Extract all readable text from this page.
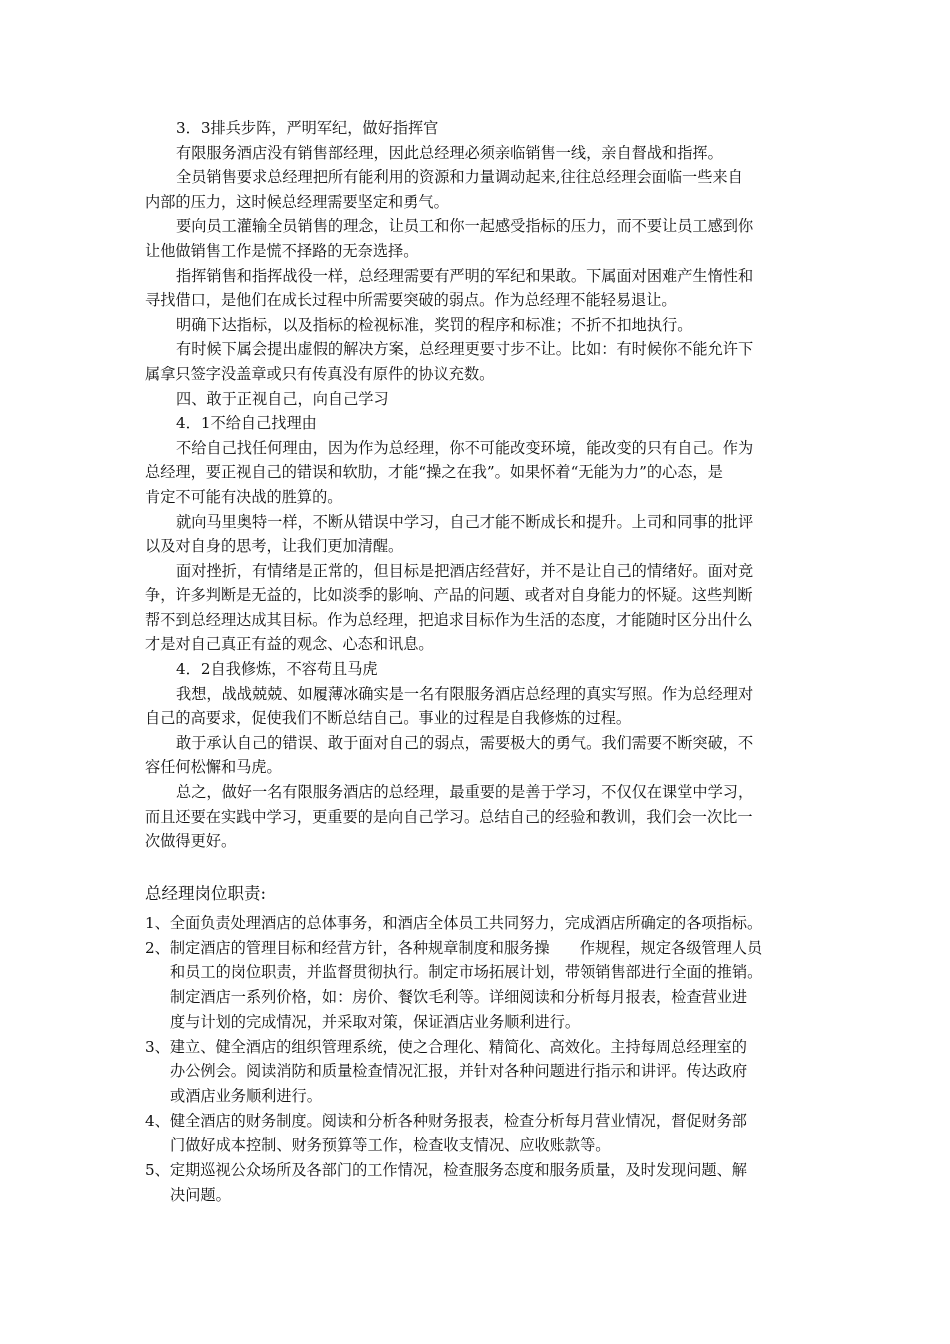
3．3排兵步阵，严明军纪，做好指挥官

有限服务酒店没有销售部经理，因此总经理必须亲临销售一线，亲自督战和指挥。

全员销售要求总经理把所有能利用的资源和力量调动起来,往往总经理会面临一些来自

内部的压力，这时候总经理需要坚定和勇气。

要向员工灌输全员销售的理念，让员工和你一起感受指标的压力，而不要让员工感到你

让他做销售工作是慌不择路的无奈选择。

指挥销售和指挥战役一样，总经理需要有严明的军纪和果敢。下属面对困难产生惰性和

寻找借口，是他们在成长过程中所需要突破的弱点。作为总经理不能轻易退让。

明确下达指标，以及指标的检视标准，奖罚的程序和标准；不折不扣地执行。

有时候下属会提出虚假的解决方案，总经理更要寸步不让。比如：有时候你不能允许下

属拿只签字没盖章或只有传真没有原件的协议充数。

四、敢于正视自己，向自己学习

4．1不给自己找理由

不给自己找任何理由，因为作为总经理，你不可能改变环境，能改变的只有自己。作为

总经理，要正视自己的错误和软肋，才能“操之在我”。如果怀着“无能为力”的心态，是

肯定不可能有决战的胜算的。

就向马里奥特一样，不断从错误中学习，自己才能不断成长和提升。上司和同事的批评

以及对自身的思考，让我们更加清醒。

面对挫折，有情绪是正常的，但目标是把酒店经营好，并不是让自己的情绪好。面对竞

争，许多判断是无益的，比如淡季的影响、产品的问题、或者对自身能力的怀疑。这些判断

帮不到总经理达成其目标。作为总经理，把追求目标作为生活的态度，才能随时区分出什么

才是对自己真正有益的观念、心态和讯息。

4．2自我修炼，不容苟且马虎

我想，战战兢兢、如履薄冰确实是一名有限服务酒店总经理的真实写照。作为总经理对

自己的高要求，促使我们不断总结自己。事业的过程是自我修炼的过程。

敢于承认自己的错误、敢于面对自己的弱点，需要极大的勇气。我们需要不断突破，不

容任何松懈和马虎。

总之，做好一名有限服务酒店的总经理，最重要的是善于学习，不仅仅在课堂中学习，

而且还要在实践中学习，更重要的是向自己学习。总结自己的经验和教训，我们会一次比一

次做得更好。

总经理岗位职责:

1、全面负责处理酒店的总体事务，和酒店全体员工共同努力，完成酒店所确定的各项指标。

2、制定酒店的管理目标和经营方针，各种规章制度和服务操　　作规程，规定各级管理人员

和员工的岗位职责，并监督贯彻执行。制定市场拓展计划，带领销售部进行全面的推销。

制定酒店一系列价格，如：房价、餐饮毛利等。详细阅读和分析每月报表，检查营业进

度与计划的完成情况，并采取对策，保证酒店业务顺利进行。

3、建立、健全酒店的组织管理系统，使之合理化、精简化、高效化。主持每周总经理室的

办公例会。阅读消防和质量检查情况汇报，并针对各种问题进行指示和讲评。传达政府

或酒店业务顺利进行。

4、健全酒店的财务制度。阅读和分析各种财务报表，检查分析每月营业情况，督促财务部

门做好成本控制、财务预算等工作，检查收支情况、应收账款等。

5、定期巡视公众场所及各部门的工作情况，检查服务态度和服务质量，及时发现问题、解

决问题。
